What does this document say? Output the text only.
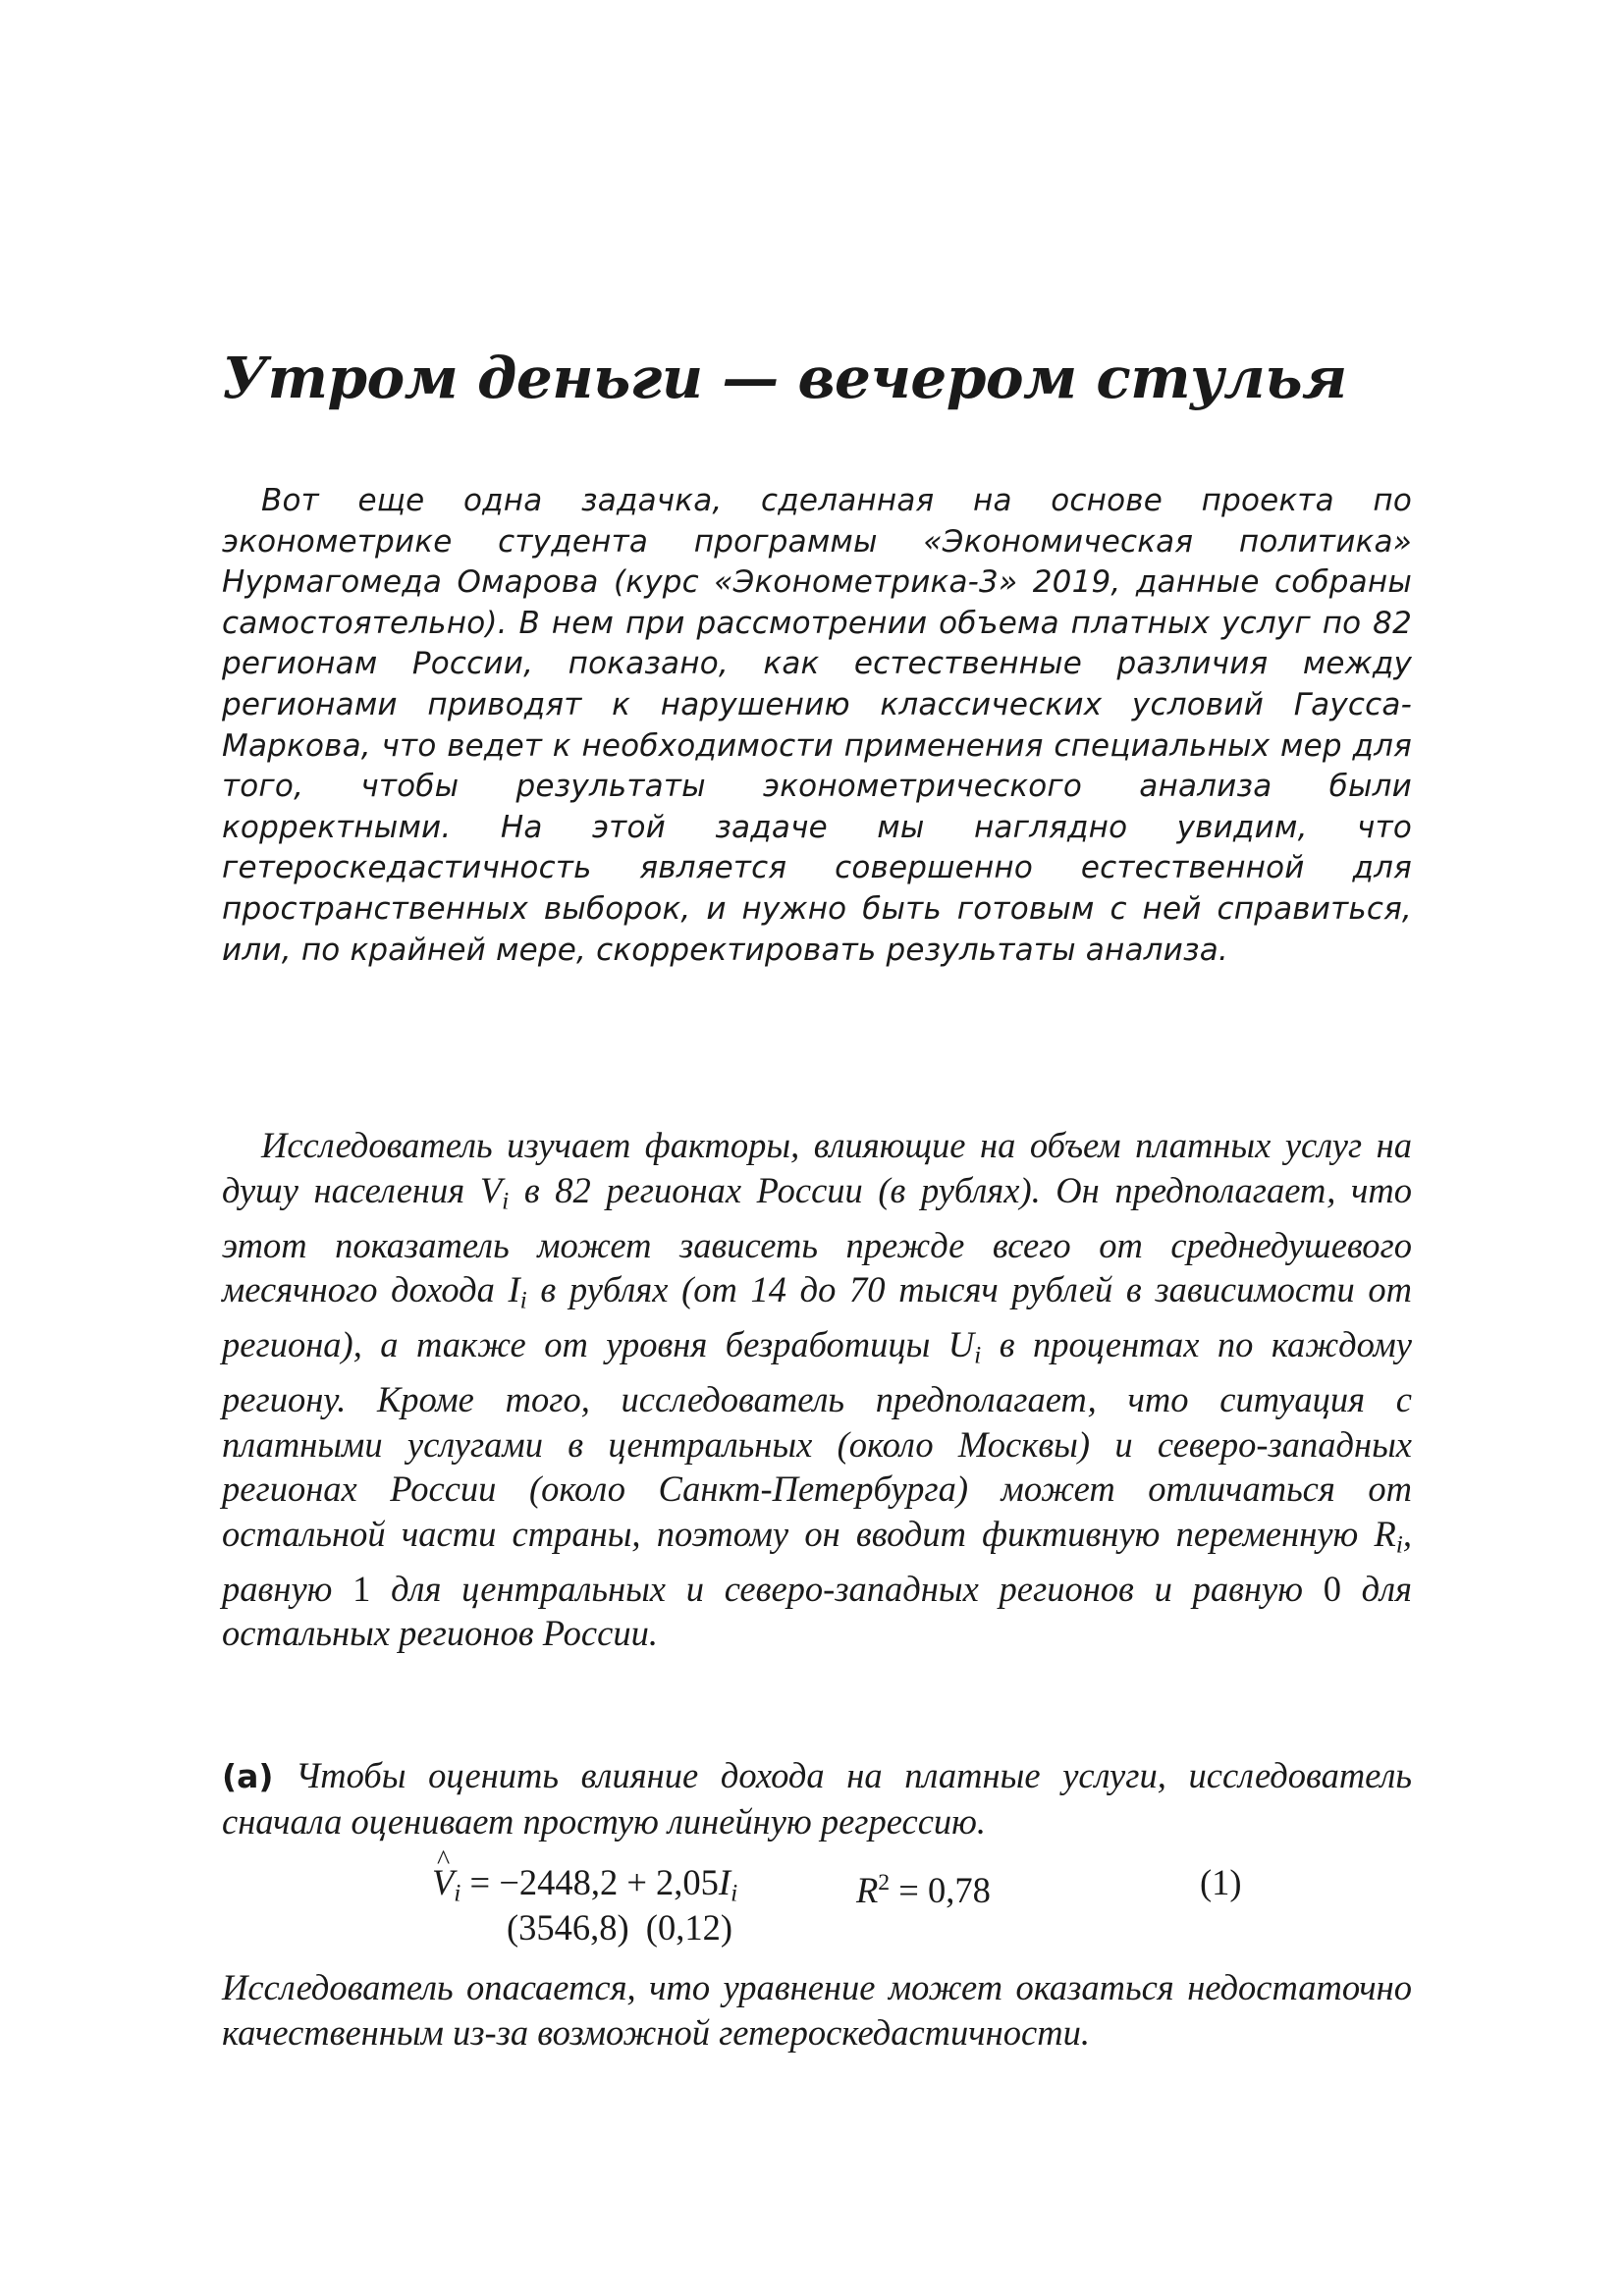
Утром деньги — вечером стулья

Вот еще одна задачка, сделанная на основе проекта по эконометрике студента программы «Экономическая политика» Нурмагомеда Омарова (курс «Эконометрика-3» 2019, данные собраны самостоятельно). В нем при рассмотрении объема платных услуг по 82 регионам России, показано, как естественные различия между регионами приводят к нарушению классических условий Гаусса-Маркова, что ведет к необходимости применения специальных мер для того, чтобы результаты эконометрического анализа были корректными. На этой задаче мы наглядно увидим, что гетероскедастичность является совершенно естественной для пространственных выборок, и нужно быть готовым с ней справиться, или, по крайней мере, скорректировать результаты анализа.

Исследователь изучает факторы, влияющие на объем платных услуг на душу населения Vi в 82 регионах России (в рублях). Он предполагает, что этот показатель может зависеть прежде всего от среднедушевого месячного дохода Ii в рублях (от 14 до 70 тысяч рублей в зависимости от региона), а также от уровня безработицы Ui в процентах по каждому региону. Кроме того, исследователь предполагает, что ситуация с платными услугами в центральных (около Москвы) и северо-западных регионах России (около Санкт-Петербурга) может отличаться от остальной части страны, поэтому он вводит фиктивную переменную Ri, равную 1 для центральных и северо-западных регионов и равную 0 для остальных регионов России.

(a) Чтобы оценить влияние дохода на платные услуги, исследователь сначала оценивает простую линейную регрессию.

^ Vi = −2448,2 + 2,05Ii	$R^2 = 0,78$	(1)
(3546,8) (0,12)

Исследователь опасается, что уравнение может оказаться недостаточно качественным из-за возможной гетероскедастичности.
